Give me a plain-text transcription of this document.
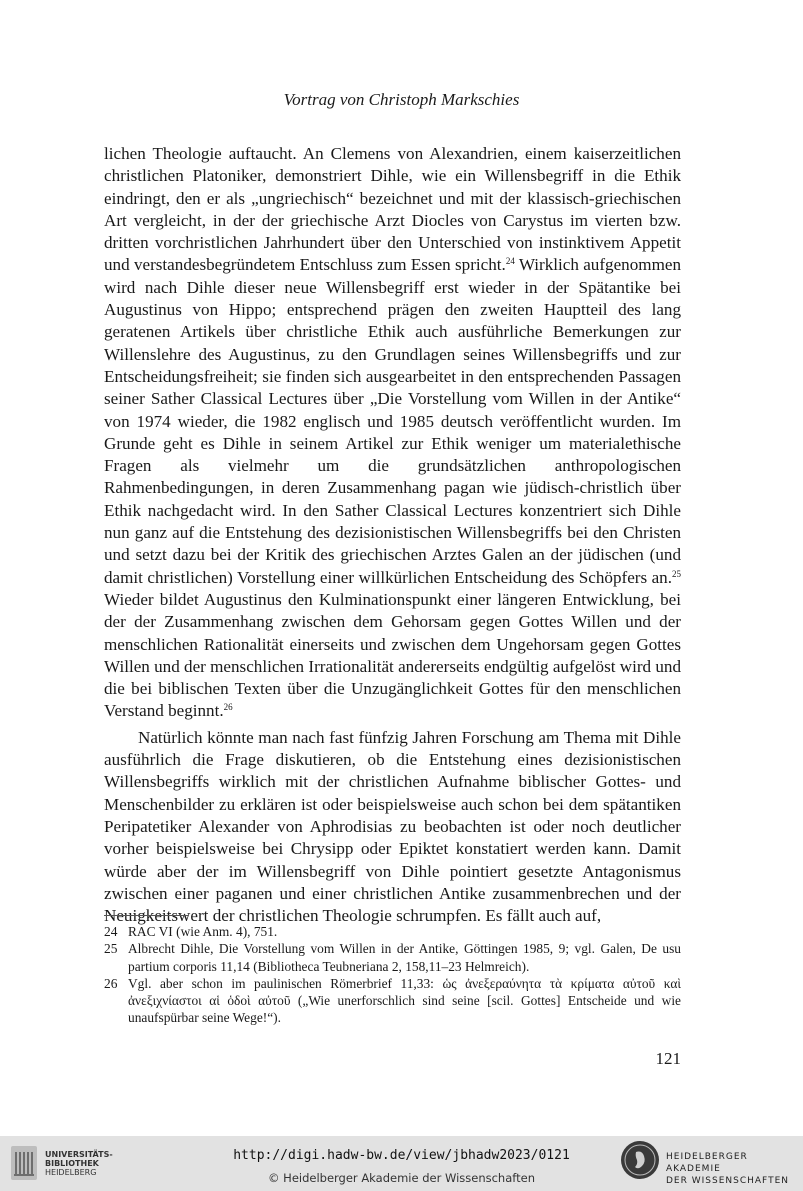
Vortrag von Christoph Markschies

lichen Theologie auftaucht. An Clemens von Alexandrien, einem kaiserzeitlichen christlichen Platoniker, demonstriert Dihle, wie ein Willensbegriff in die Ethik eindringt, den er als „ungriechisch“ bezeichnet und mit der klassisch-griechischen Art vergleicht, in der der griechische Arzt Diocles von Carystus im vierten bzw. dritten vorchristlichen Jahrhundert über den Unterschied von instinktivem Appetit und verstandesbegründetem Entschluss zum Essen spricht.$^{24}$ Wirklich aufgenommen wird nach Dihle dieser neue Willensbegriff erst wieder in der Spätantike bei Augustinus von Hippo; entsprechend prägen den zweiten Hauptteil des lang geratenen Artikels über christliche Ethik auch ausführliche Bemerkungen zur Willenslehre des Augustinus, zu den Grundlagen seines Willensbegriffs und zur Entscheidungsfreiheit; sie finden sich ausgearbeitet in den entsprechenden Passagen seiner Sather Classical Lectures über „Die Vorstellung vom Willen in der Antike“ von 1974 wieder, die 1982 englisch und 1985 deutsch veröffentlicht wurden. Im Grunde geht es Dihle in seinem Artikel zur Ethik weniger um materialethische Fragen als vielmehr um die grundsätzlichen anthropologischen Rahmenbedingungen, in deren Zusammenhang pagan wie jüdisch-christlich über Ethik nachgedacht wird. In den Sather Classical Lectures konzentriert sich Dihle nun ganz auf die Entstehung des dezisionistischen Willensbegriffs bei den Christen und setzt dazu bei der Kritik des griechischen Arztes Galen an der jüdischen (und damit christlichen) Vorstellung einer willkürlichen Entscheidung des Schöpfers an.$^{25}$ Wieder bildet Augustinus den Kulminationspunkt einer längeren Entwicklung, bei der der Zusammenhang zwischen dem Gehorsam gegen Gottes Willen und der menschlichen Rationalität einerseits und zwischen dem Ungehorsam gegen Gottes Willen und der menschlichen Irrationalität andererseits endgültig aufgelöst wird und die bei biblischen Texten über die Unzugänglichkeit Gottes für den menschlichen Verstand beginnt.$^{26}$

Natürlich könnte man nach fast fünfzig Jahren Forschung am Thema mit Dihle ausführlich die Frage diskutieren, ob die Entstehung eines dezisionistischen Willensbegriffs wirklich mit der christlichen Aufnahme biblischer Gottes- und Menschenbilder zu erklären ist oder beispielsweise auch schon bei dem spätantiken Peripatetiker Alexander von Aphrodisias zu beobachten ist oder noch deutlicher vorher beispielsweise bei Chrysipp oder Epiktet konstatiert werden kann. Damit würde aber der im Willensbegriff von Dihle pointiert gesetzte Antagonismus zwischen einer paganen und einer christlichen Antike zusammenbrechen und der Neuigkeitswert der christlichen Theologie schrumpfen. Es fällt auch auf,

24 RAC VI (wie Anm. 4), 751.
25 Albrecht Dihle, Die Vorstellung vom Willen in der Antike, Göttingen 1985, 9; vgl. Galen, De usu partium corporis 11,14 (Bibliotheca Teubneriana 2, 158,11–23 Helmreich).
26 Vgl. aber schon im paulinischen Römerbrief 11,33: ὡς ἀνεξεραύνητα τὰ κρίματα αὐτοῦ καὶ ἀνεξιχνίαστοι αἱ ὁδοὶ αὐτοῦ („Wie unerforschlich sind seine [scil. Gottes] Entscheide und wie unaufspürbar seine Wege!“).
121
UNIVERSITÄTS-
BIBLIOTHEK
HEIDELBERG
http://digi.hadw-bw.de/view/jbhadw2023/0121
© Heidelberger Akademie der Wissenschaften
HEIDELBERGER AKADEMIE
DER WISSENSCHAFTEN
